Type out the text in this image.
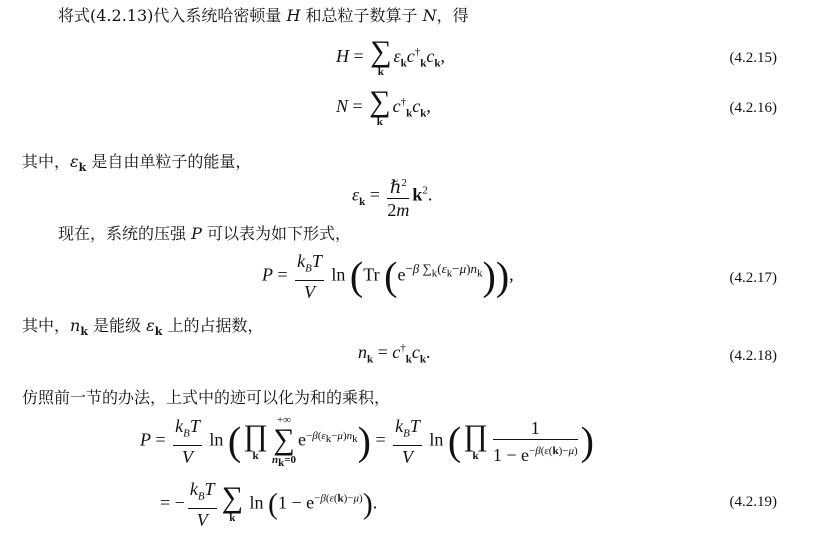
将式(4.2.13)代入系统哈密顿量 H 和总粒子数算子 N，得
H = ∑
k
$\varepsilon_kc^\dagger_kc_k$,	(4.2.15)
N = ∑
k
$c^\dagger_kc_k$,	(4.2.16)
其中，$\varepsilon_k$ 是自由单粒子的能量，
$\varepsilon_k = \frac{\hbar^2}{2m} k^2$.
现在，系统的压强 P 可以表为如下形式，
$P = \frac{k_BT}{V}$ ln (Tr $(e^{-\beta \sum_k(\varepsilon_k-\mu)n_k})$),	(4.2.17)
其中，$n_k$ 是能级 $\varepsilon_k$ 上的占据数，
$n_k = c^\dagger_kc_k$.	(4.2.18)
仿照前一节的办法，上式中的迹可以化为和的乘积，
$P = \frac{k_BT}{V}$ ln ( ∏
k
+∞
∑
$n_k=0$
$e^{-\beta(\varepsilon_k-\mu)n_k}) = \frac{k_BT}{V}$ ln ( ∏
k $\frac{1}{1 - e^{-\beta(\varepsilon(k)-\mu)}}$ )
= − $\frac{k_BT}{V}$ ∑
k
$\ln (1 - e^{-\beta(\varepsilon(k)-\mu)})$.	(4.2.19)
